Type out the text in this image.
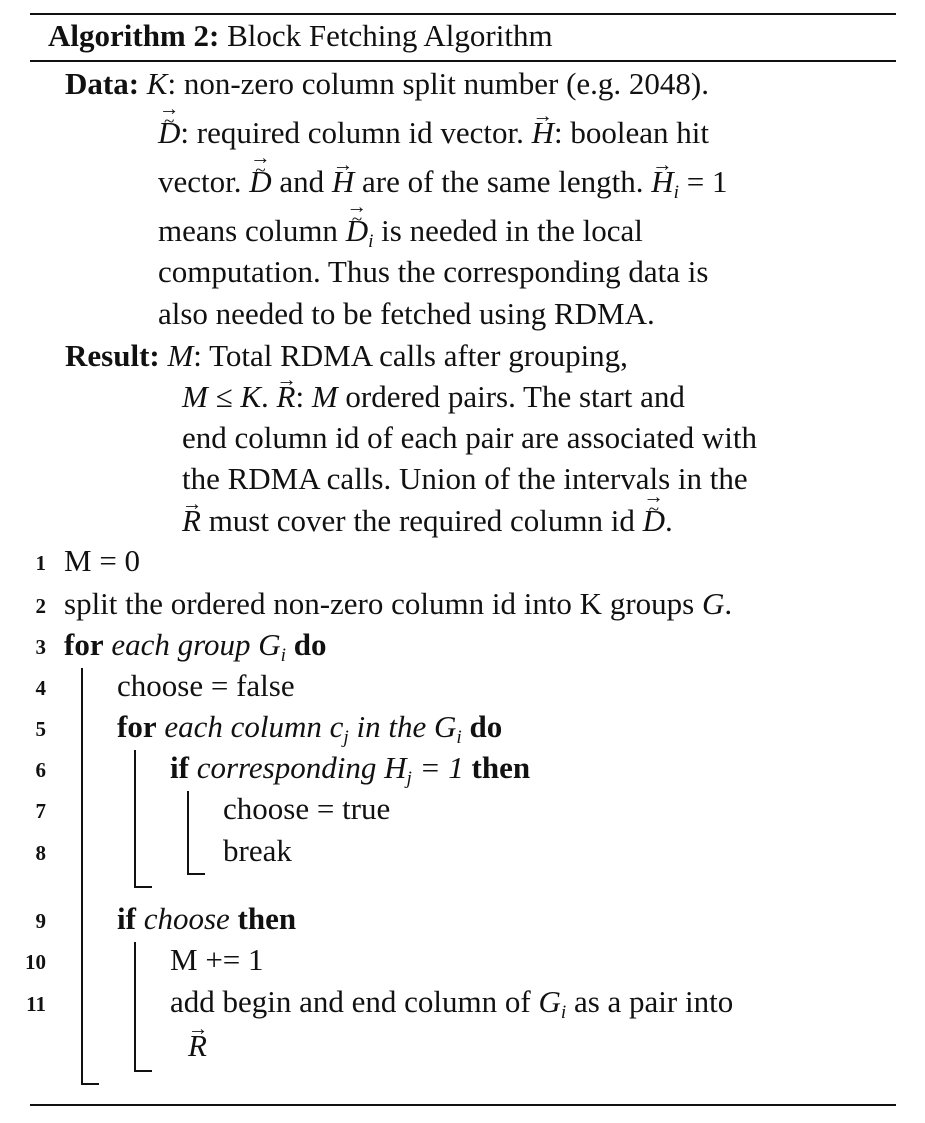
Algorithm 2: Block Fetching Algorithm
Data: K: non-zero column split number (e.g. 2048).
→ D ~: required column id vector. → H: boolean hit
vector. → D ~ and → H are of the same length. → $H_i = 1$
means column → D $\sim_i$ is needed in the local
computation. Thus the corresponding data is
also needed to be fetched using RDMA.
Result: M: Total RDMA calls after grouping,
M ≤ K. → R: M ordered pairs. The start and
end column id of each pair are associated with
the RDMA calls. Union of the intervals in the
→ R must cover the required column id → D ~.
1 M = 0
2 split the ordered non-zero column id into K groups G.
3 for each group $G_i$ do
4 choose = false
5 for each column $c_j$ in the $G_i$ do
6	if corresponding $H_j = 1$ then
7	choose = true
8	break
9 if choose then
10	M += 1
11	add begin and end column of $G_i$ as a pair into
→ R
